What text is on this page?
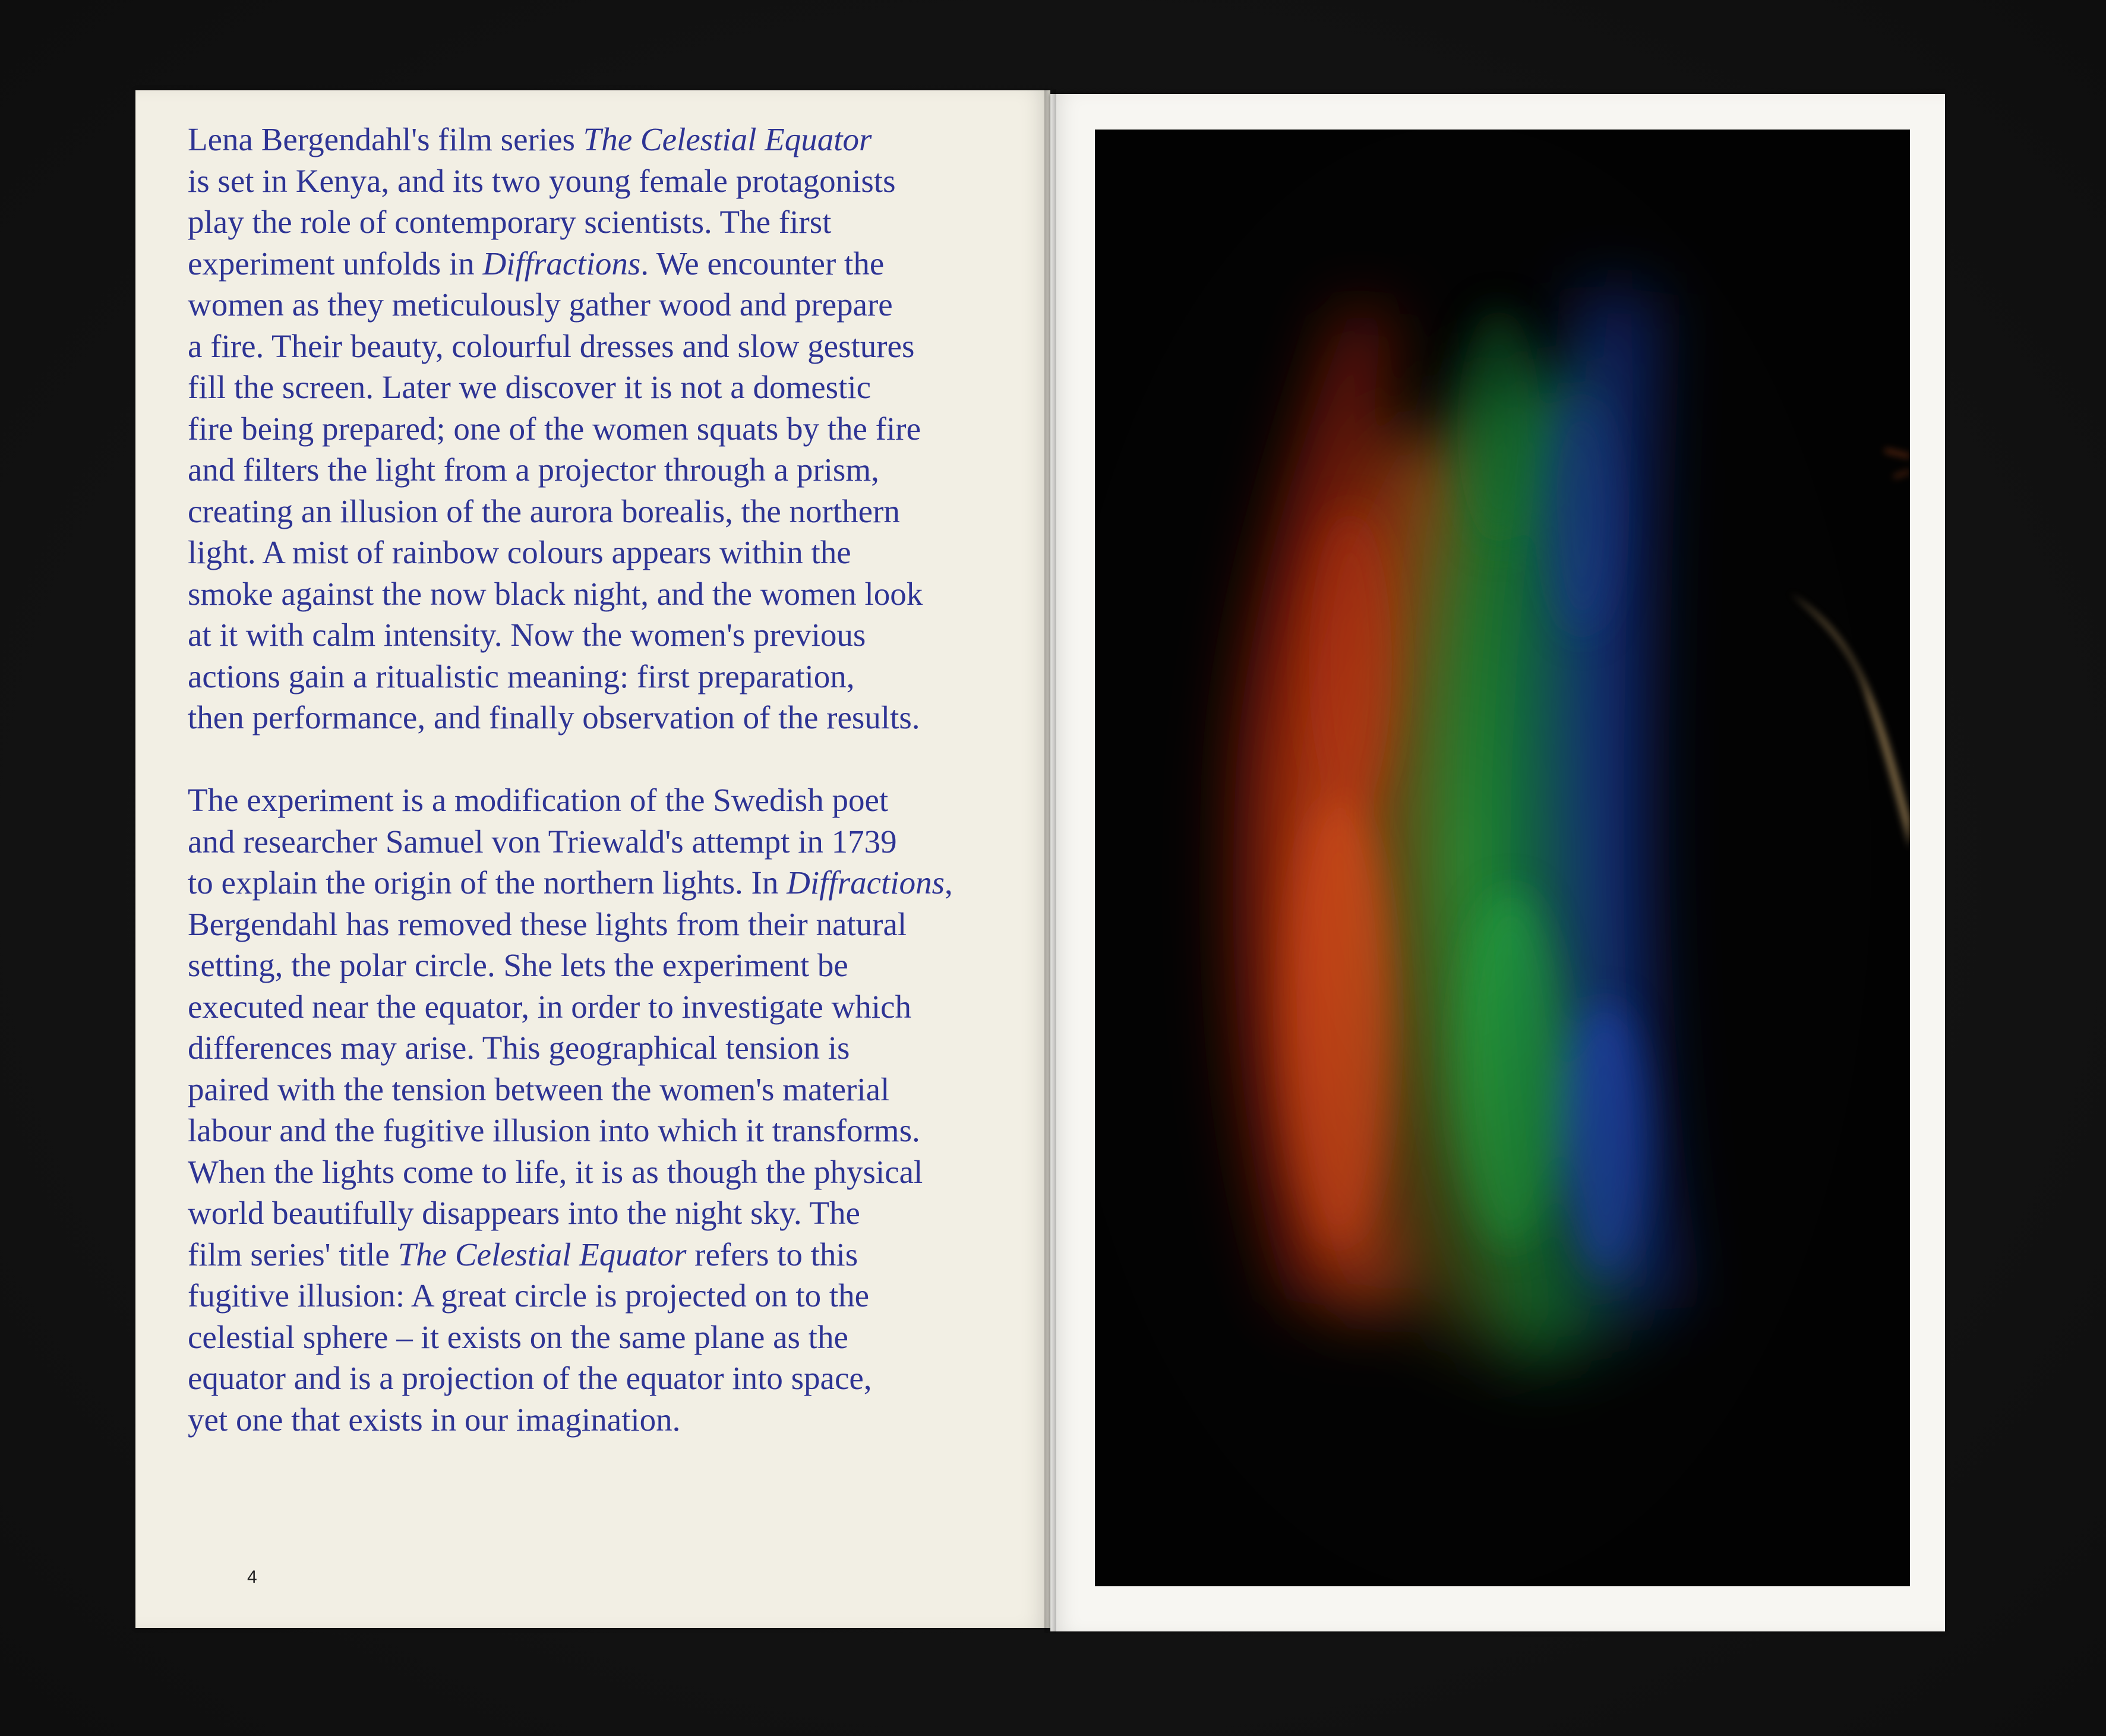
Lena Bergendahl's film series The Celestial Equator
is set in Kenya, and its two young female protagonists
play the role of contemporary scientists. The first
experiment unfolds in Diffractions. We encounter the
women as they meticulously gather wood and prepare
a fire. Their beauty, colourful dresses and slow gestures
fill the screen. Later we discover it is not a domestic
fire being prepared; one of the women squats by the fire
and filters the light from a projector through a prism,
creating an illusion of the aurora borealis, the northern
light. A mist of rainbow colours appears within the
smoke against the now black night, and the women look
at it with calm intensity. Now the women's previous
actions gain a ritualistic meaning: first preparation,
then performance, and finally observation of the results.

The experiment is a modification of the Swedish poet
and researcher Samuel von Triewald's attempt in 1739
to explain the origin of the northern lights. In Diffractions,
Bergendahl has removed these lights from their natural
setting, the polar circle. She lets the experiment be
executed near the equator, in order to investigate which
differences may arise. This geographical tension is
paired with the tension between the women's material
labour and the fugitive illusion into which it transforms.
When the lights come to life, it is as though the physical
world beautifully disappears into the night sky. The
film series' title The Celestial Equator refers to this
fugitive illusion: A great circle is projected on to the
celestial sphere – it exists on the same plane as the
equator and is a projection of the equator into space,
yet one that exists in our imagination.

4
